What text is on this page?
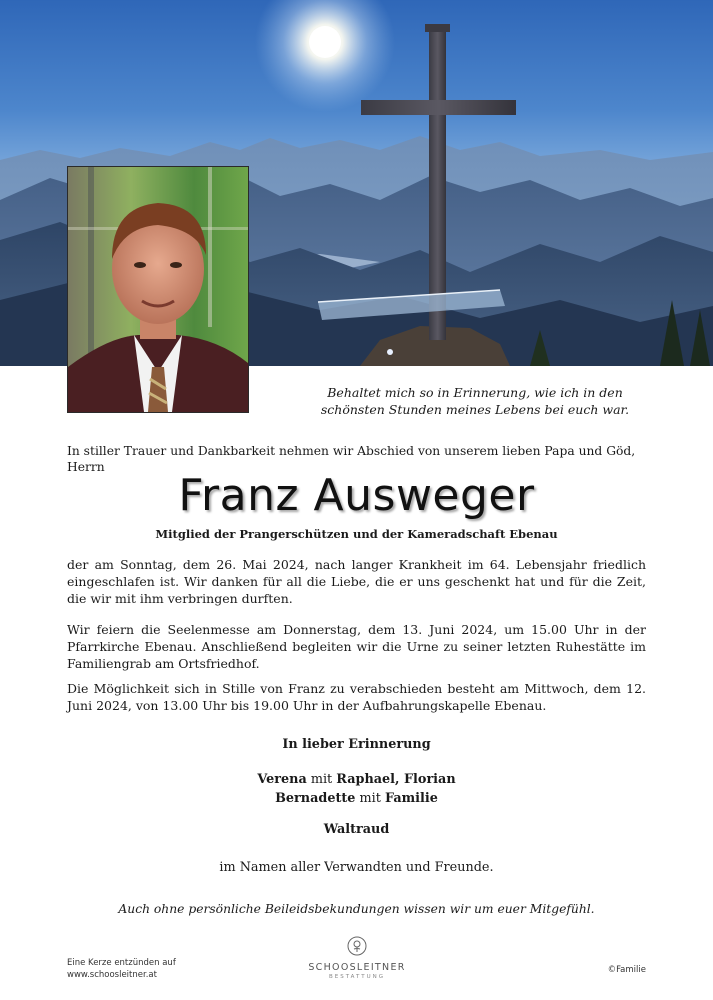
Behaltet mich so in Erinnerung, wie ich in den
schönsten Stunden meines Lebens bei euch war.
In stiller Trauer und Dankbarkeit nehmen wir Abschied von unserem lieben Papa und Göd, Herrn
Franz Ausweger
Mitglied der Prangerschützen und der Kameradschaft Ebenau
der am Sonntag, dem 26. Mai 2024, nach langer Krankheit im 64. Lebensjahr friedlich eingeschlafen ist. Wir danken für all die Liebe, die er uns geschenkt hat und für die Zeit, die wir mit ihm verbringen durften.
Wir feiern die Seelenmesse am Donnerstag, dem 13. Juni 2024, um 15.00 Uhr in der Pfarrkirche Ebenau. Anschließend begleiten wir die Urne zu seiner letzten Ruhestätte im Familiengrab am Ortsfriedhof.
Die Möglichkeit sich in Stille von Franz zu verabschieden besteht am Mittwoch, dem 12. Juni 2024, von 13.00 Uhr bis 19.00 Uhr in der Aufbahrungskapelle Ebenau.
In lieber Erinnerung
Verena mit Raphael, Florian
Bernadette mit Familie
Waltraud
im Namen aller Verwandten und Freunde.
Auch ohne persönliche Beileidsbekundungen wissen wir um euer Mitgefühl.
Eine Kerze entzünden auf
www.schoosleitner.at
SCHOOSLEITNER
BESTATTUNG
©Familie
